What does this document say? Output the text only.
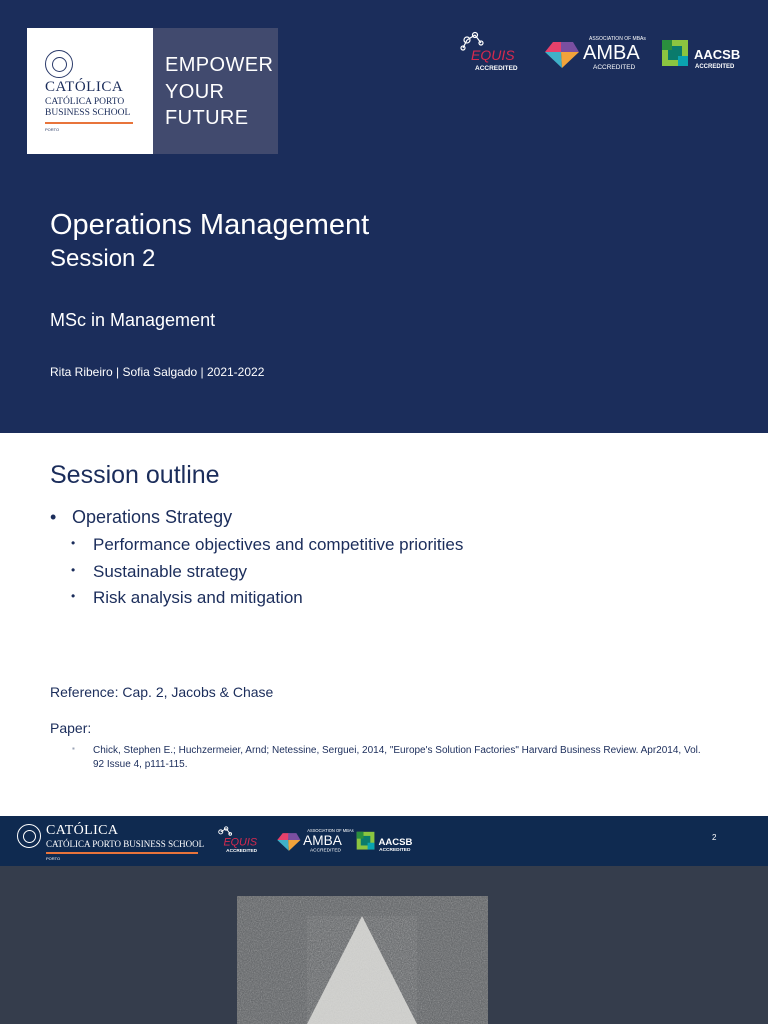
CATÓLICA
CATÓLICA PORTO BUSINESS SCHOOL
PORTO
EMPOWER
YOUR
FUTURE
EQUIS
ACCREDITED
ASSOCIATION OF MBAs
AMBA
ACCREDITED
AACSB
ACCREDITED
Operations Management
Session 2
MSc in Management
Rita Ribeiro | Sofia Salgado | 2021-2022
Session outline
• Operations Strategy
• Performance objectives and competitive priorities
• Sustainable strategy
• Risk analysis and mitigation
Reference: Cap. 2, Jacobs & Chase
Paper:
▪ Chick, Stephen E.; Huchzermeier, Arnd; Netessine, Serguei, 2014, "Europe's Solution Factories" Harvard Business Review. Apr2014, Vol. 92 Issue 4, p111-115.
CATÓLICA
CATÓLICA PORTO BUSINESS SCHOOL
PORTO
EQUIS
ACCREDITED
ASSOCIATION OF MBAs
AMBA
ACCREDITED
AACSB
ACCREDITED
2
